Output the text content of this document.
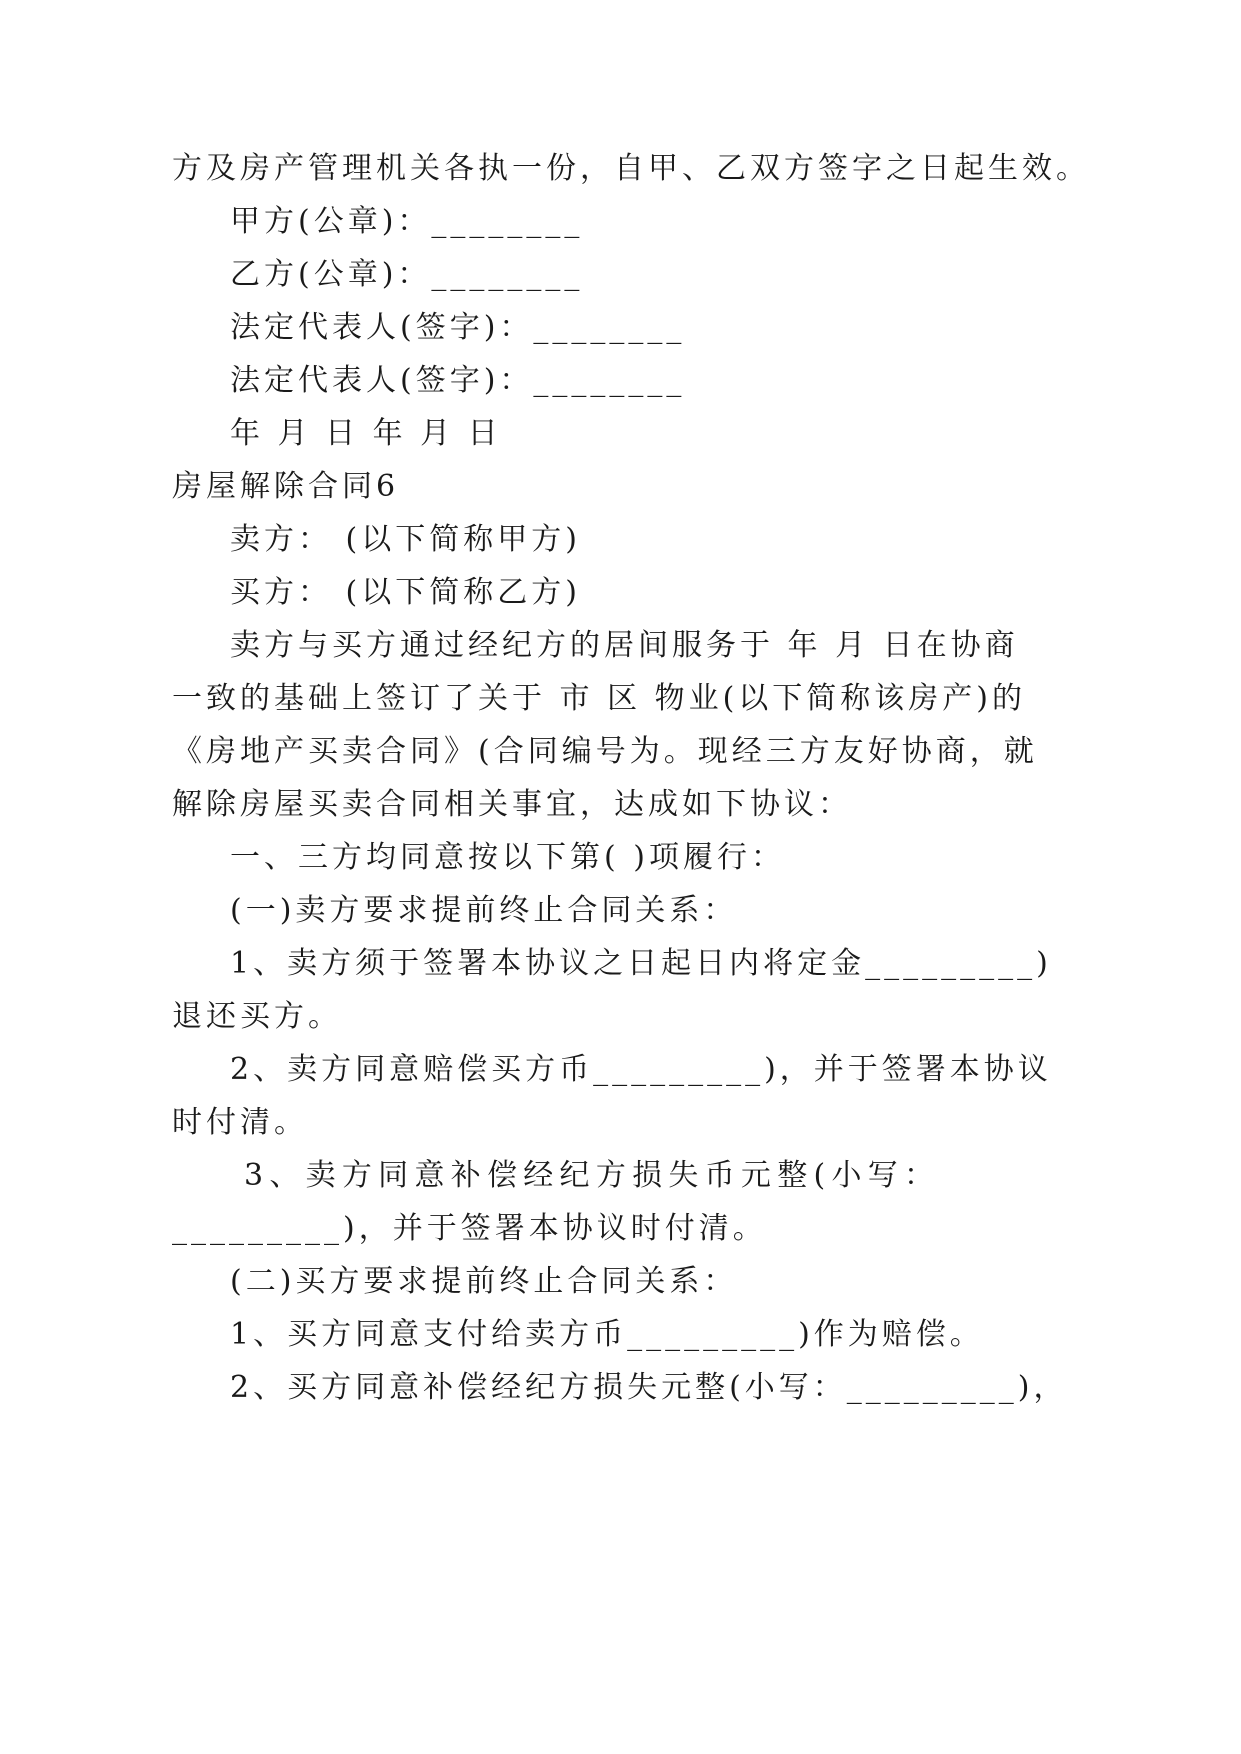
方及房产管理机关各执一份，自甲、乙双方签字之日起生效。
甲方(公章)：________
乙方(公章)：________
法定代表人(签字)：________
法定代表人(签字)：________
年 月 日 年 月 日
房屋解除合同6
卖方： (以下简称甲方)
买方： (以下简称乙方)
卖方与买方通过经纪方的居间服务于 年 月 日在协商
一致的基础上签订了关于 市 区 物业(以下简称该房产)的
《房地产买卖合同》(合同编号为。现经三方友好协商，就
解除房屋买卖合同相关事宜，达成如下协议：
一、三方均同意按以下第( )项履行：
(一)卖方要求提前终止合同关系：
1、卖方须于签署本协议之日起日内将定金_________)
退还买方。
2、卖方同意赔偿买方币_________)，并于签署本协议
时付清。
3、卖方同意补偿经纪方损失币元整(小写：
_________)，并于签署本协议时付清。
(二)买方要求提前终止合同关系：
1、买方同意支付给卖方币_________)作为赔偿。
2、买方同意补偿经纪方损失元整(小写：_________)，
